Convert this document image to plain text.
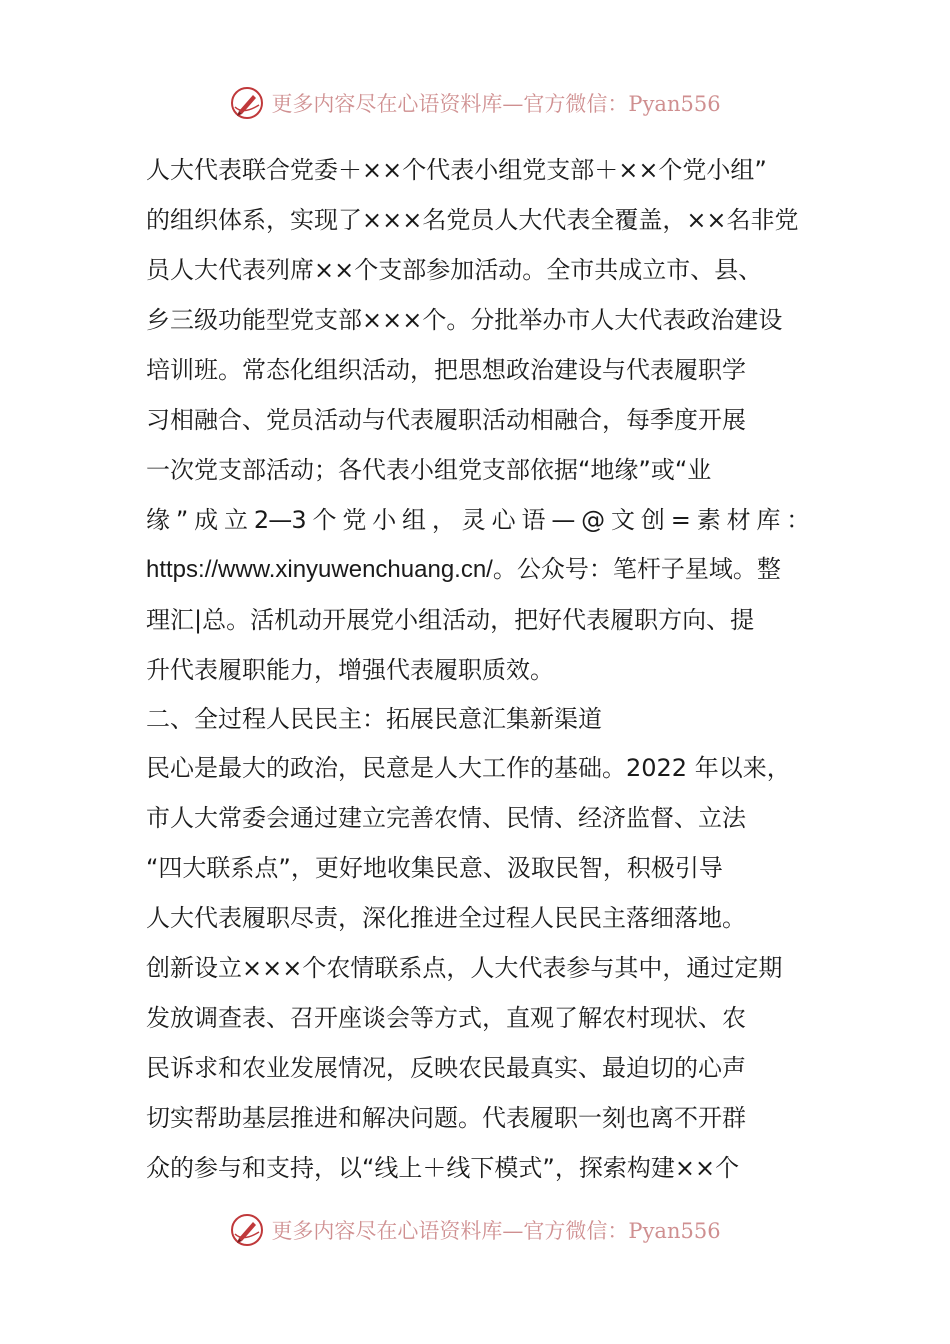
更多内容尽在心语资料库—官方微信：Pyan556
人大代表联合党委＋××个代表小组党支部＋××个党小组”
的组织体系，实现了×××名党员人大代表全覆盖，××名非党
员人大代表列席××个支部参加活动。全市共成立市、县、
乡三级功能型党支部×××个。分批举办市人大代表政治建设
培训班。常态化组织活动，把思想政治建设与代表履职学
习相融合、党员活动与代表履职活动相融合，每季度开展
一次党支部活动；各代表小组党支部依据“地缘”或“业
缘 ” 成 立 2—3 个 党 小 组 ， 灵 心 语 — @ 文 创 = 素 材 库 ：
https://www.xinyuwenchuang.cn/。公众号：笔杆子星域。整
理汇|总。活机动开展党小组活动，把好代表履职方向、提
升代表履职能力，增强代表履职质效。
二、全过程人民民主：拓展民意汇集新渠道
民心是最大的政治，民意是人大工作的基础。2022 年以来，
市人大常委会通过建立完善农情、民情、经济监督、立法
“四大联系点”，更好地收集民意、汲取民智，积极引导
人大代表履职尽责，深化推进全过程人民民主落细落地。
创新设立×××个农情联系点，人大代表参与其中，通过定期
发放调查表、召开座谈会等方式，直观了解农村现状、农
民诉求和农业发展情况，反映农民最真实、最迫切的心声
切实帮助基层推进和解决问题。代表履职一刻也离不开群
众的参与和支持，以“线上＋线下模式”，探索构建××个
更多内容尽在心语资料库—官方微信：Pyan556
